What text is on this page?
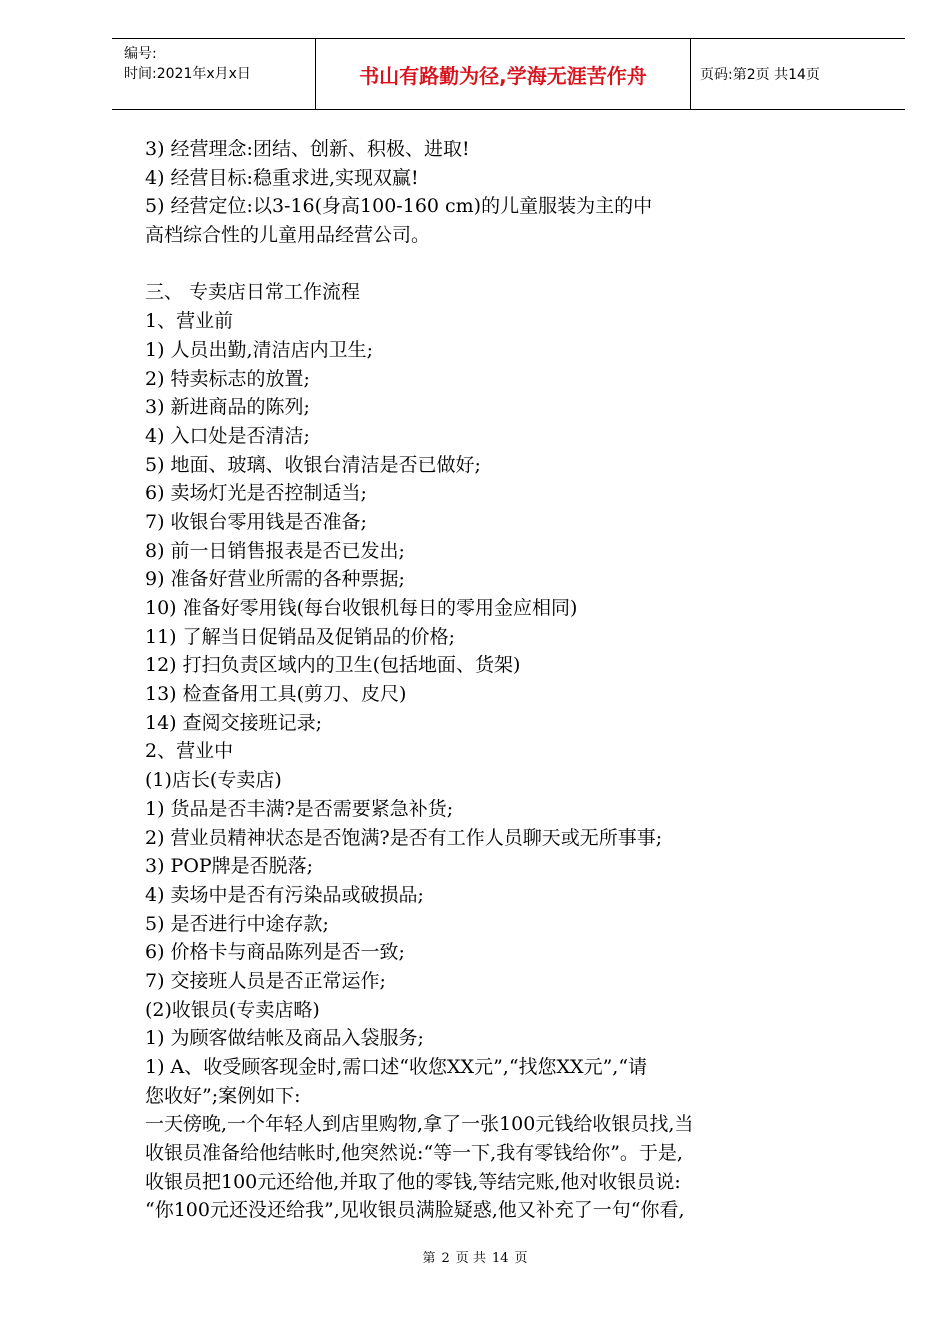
编号:
时间:2021年x月x日	书山有路勤为径,学海无涯苦作舟	页码:第2页 共14页
3) 经营理念:团结、创新、积极、进取!
4) 经营目标:稳重求进,实现双赢!
5) 经营定位:以3-16(身高100-160 cm)的儿童服装为主的中
高档综合性的儿童用品经营公司。
三、 专卖店日常工作流程
1、营业前
1) 人员出勤,清洁店内卫生;
2) 特卖标志的放置;
3) 新进商品的陈列;
4) 入口处是否清洁;
5) 地面、玻璃、收银台清洁是否已做好;
6) 卖场灯光是否控制适当;
7) 收银台零用钱是否准备;
8) 前一日销售报表是否已发出;
9) 准备好营业所需的各种票据;
10) 准备好零用钱(每台收银机每日的零用金应相同)
11) 了解当日促销品及促销品的价格;
12) 打扫负责区域内的卫生(包括地面、货架)
13) 检查备用工具(剪刀、皮尺)
14) 查阅交接班记录;
2、营业中
(1)店长(专卖店)
1) 货品是否丰满?是否需要紧急补货;
2) 营业员精神状态是否饱满?是否有工作人员聊天或无所事事;
3) POP牌是否脱落;
4) 卖场中是否有污染品或破损品;
5) 是否进行中途存款;
6) 价格卡与商品陈列是否一致;
7) 交接班人员是否正常运作;
(2)收银员(专卖店略)
1) 为顾客做结帐及商品入袋服务;
1) A、收受顾客现金时,需口述“收您XX元”,“找您XX元”,“请
您收好”;案例如下:
一天傍晚,一个年轻人到店里购物,拿了一张100元钱给收银员找,当
收银员准备给他结帐时,他突然说:“等一下,我有零钱给你”。于是,
收银员把100元还给他,并取了他的零钱,等结完账,他对收银员说:
“你100元还没还给我”,见收银员满脸疑惑,他又补充了一句“你看,
第 2 页 共 14 页
